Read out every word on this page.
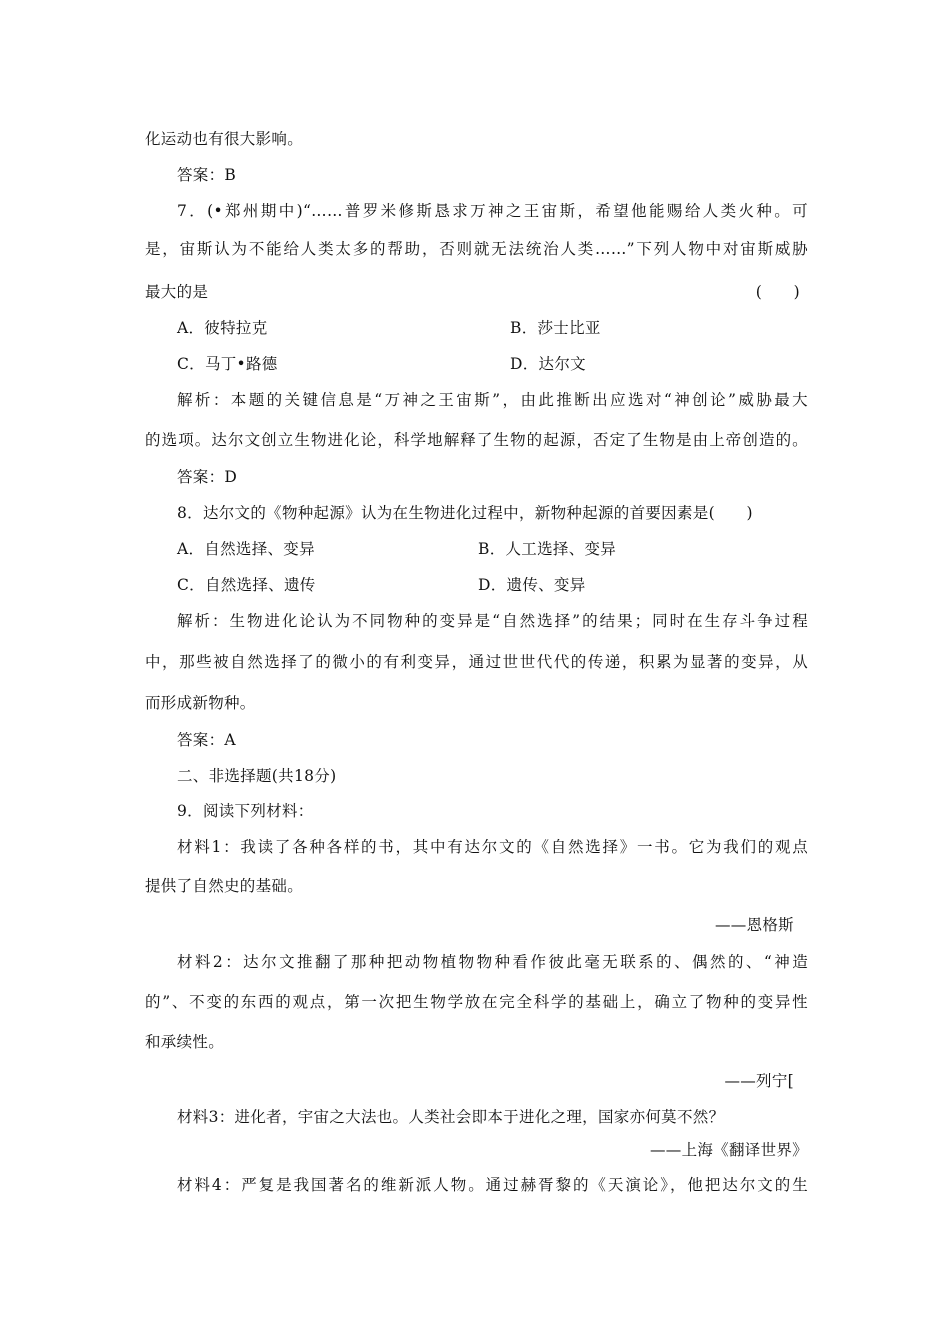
化运动也有很大影响。
答案：B
7．(•郑州期中)“……普罗米修斯恳求万神之王宙斯，希望他能赐给人类火种。可
是，宙斯认为不能给人类太多的帮助，否则就无法统治人类……”下列人物中对宙斯威胁
最大的是	(　　)
A．彼特拉克	B．莎士比亚
C．马丁•路德	D．达尔文
解析：本题的关键信息是“万神之王宙斯”，由此推断出应选对“神创论”威胁最大
的选项。达尔文创立生物进化论，科学地解释了生物的起源，否定了生物是由上帝创造的。
答案：D
8．达尔文的《物种起源》认为在生物进化过程中，新物种起源的首要因素是(　　)
A．自然选择、变异	B．人工选择、变异
C．自然选择、遗传	D．遗传、变异
解析：生物进化论认为不同物种的变异是“自然选择”的结果；同时在生存斗争过程
中，那些被自然选择了的微小的有利变异，通过世世代代的传递，积累为显著的变异，从
而形成新物种。
答案：A
二、非选择题(共18分)
9．阅读下列材料：
材料1：我读了各种各样的书，其中有达尔文的《自然选择》一书。它为我们的观点
提供了自然史的基础。
——恩格斯
材料2：达尔文推翻了那种把动物植物物种看作彼此毫无联系的、偶然的、“神造
的”、不变的东西的观点，第一次把生物学放在完全科学的基础上，确立了物种的变异性
和承续性。
——列宁[
材料3：进化者，宇宙之大法也。人类社会即本于进化之理，国家亦何莫不然？
——上海《翻译世界》
材料4：严复是我国著名的维新派人物。通过赫胥黎的《天演论》，他把达尔文的生
